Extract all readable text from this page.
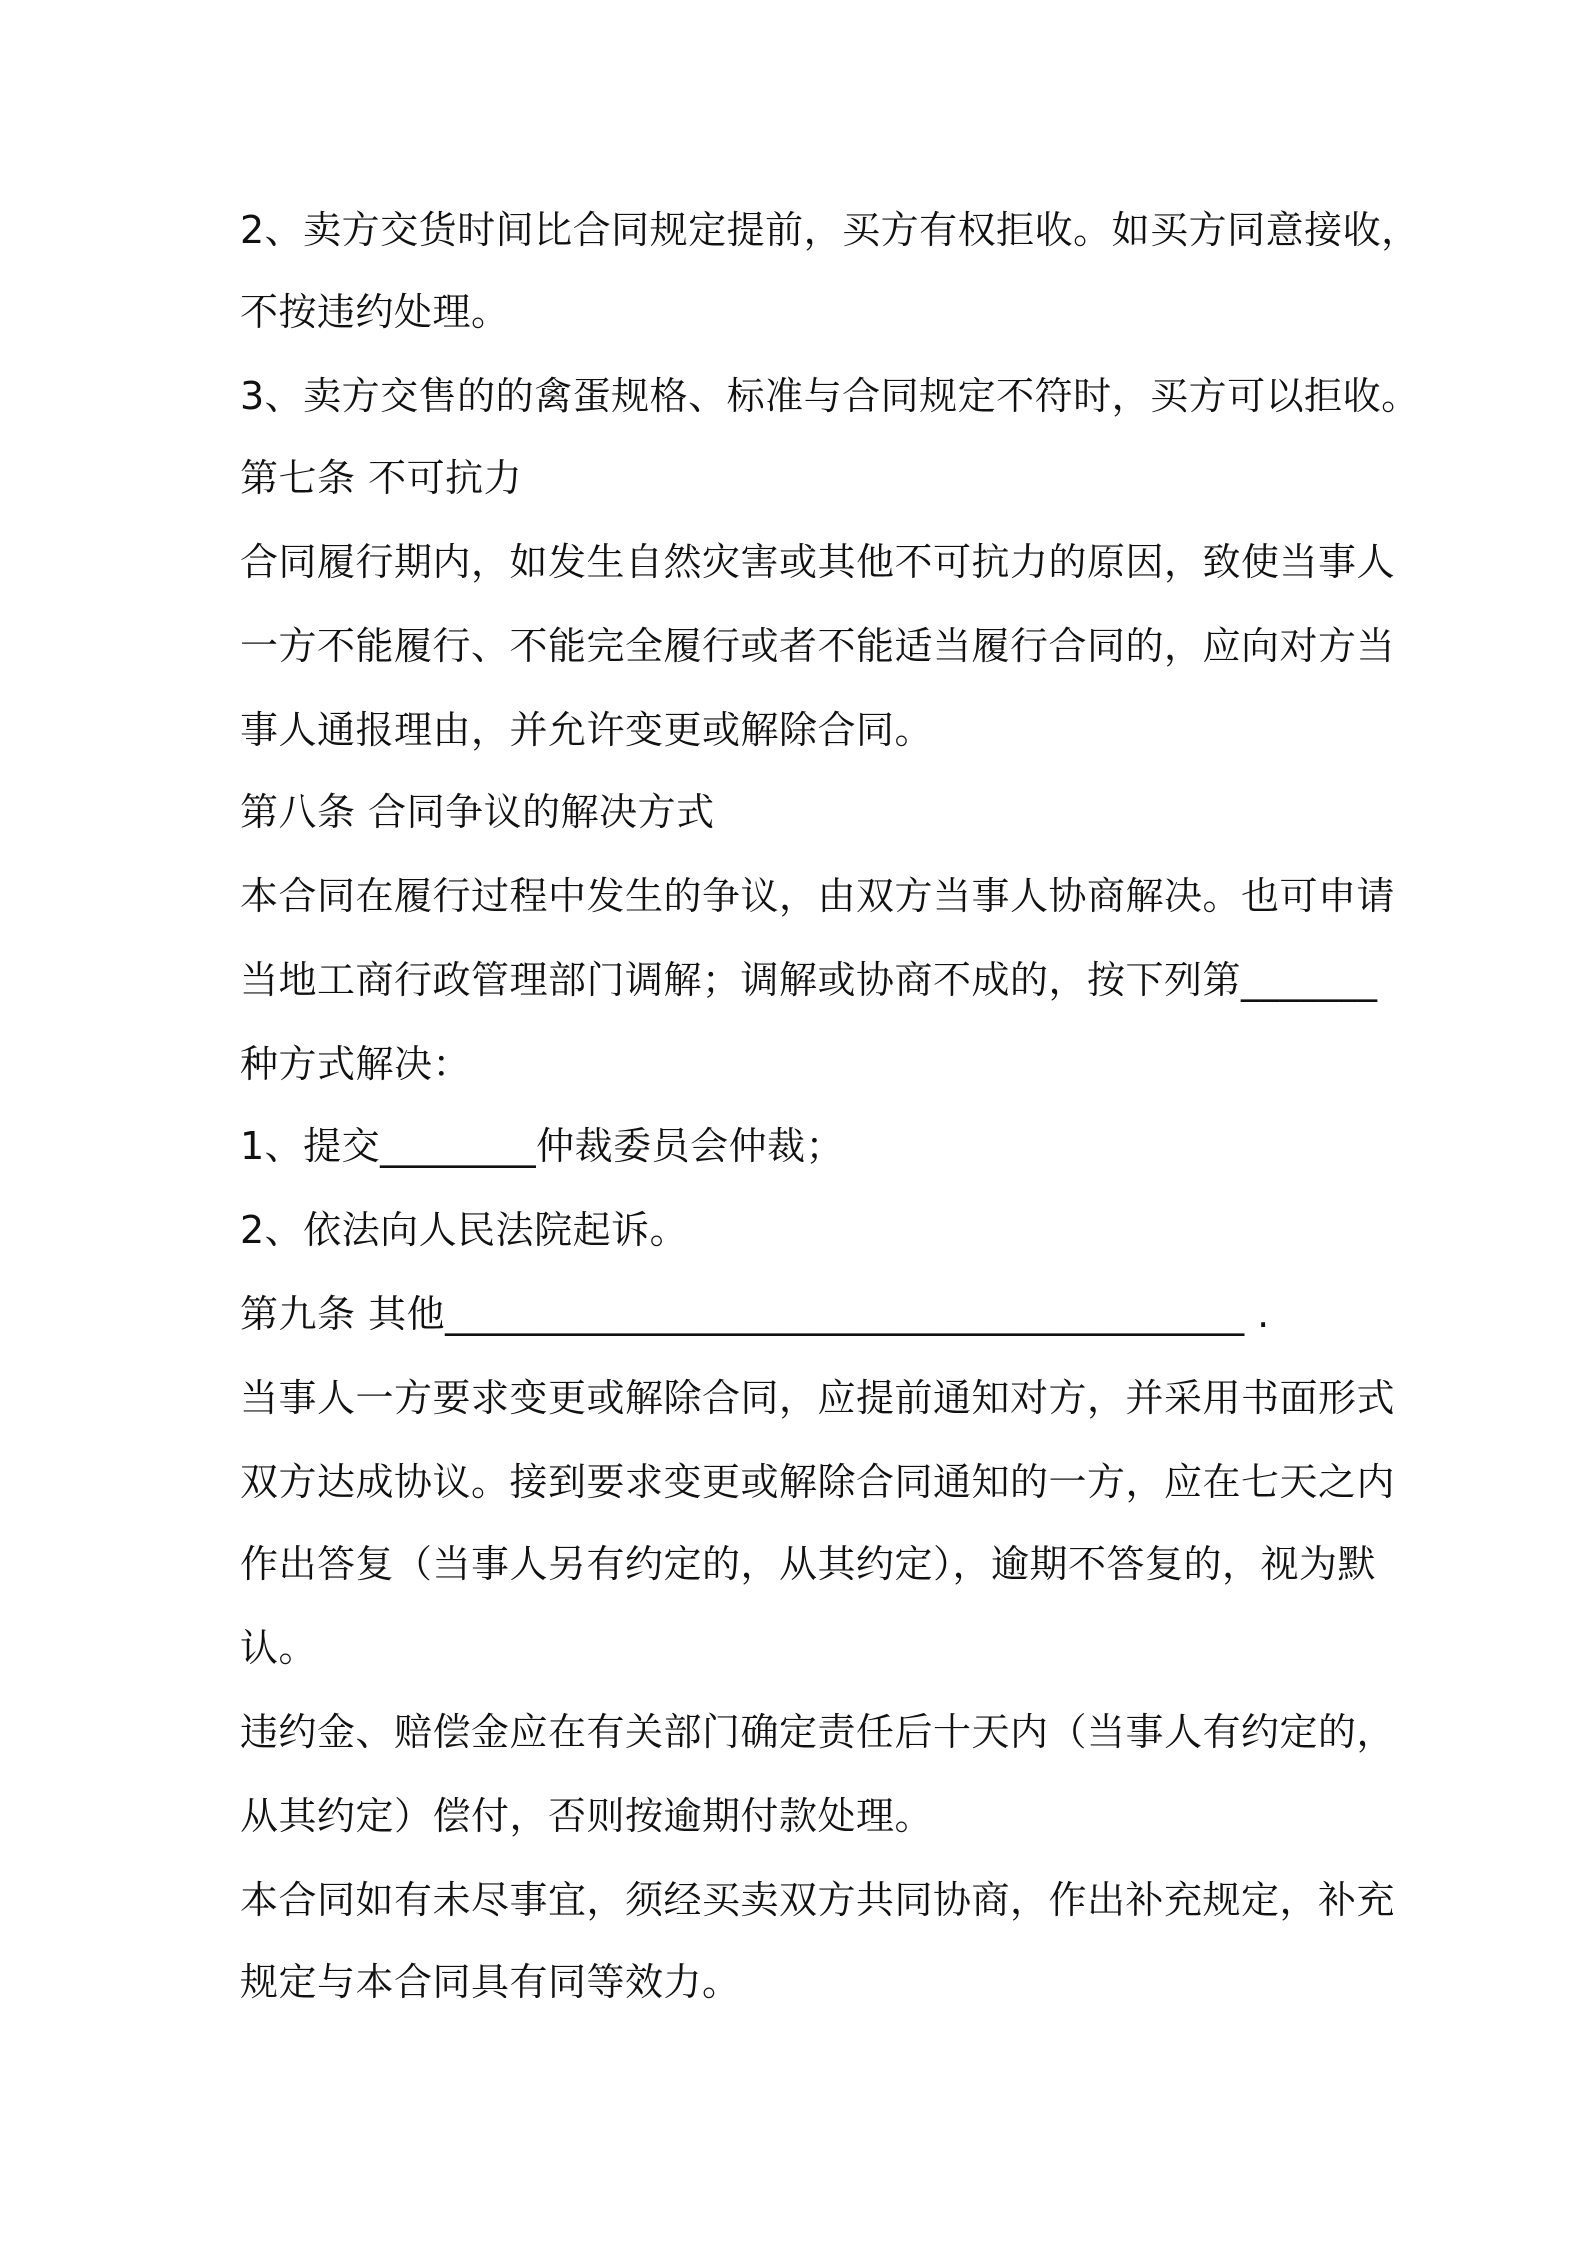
2、卖方交货时间比合同规定提前，买方有权拒收。如买方同意接收，
不按违约处理。
3、卖方交售的的禽蛋规格、标准与合同规定不符时，买方可以拒收。
第七条 不可抗力
合同履行期内，如发生自然灾害或其他不可抗力的原因，致使当事人
一方不能履行、不能完全履行或者不能适当履行合同的，应向对方当
事人通报理由，并允许变更或解除合同。
第八条 合同争议的解决方式
本合同在履行过程中发生的争议，由双方当事人协商解决。也可申请
当地工商行政管理部门调解；调解或协商不成的，按下列第_______
种方式解决：
1、提交________仲裁委员会仲裁；
2、依法向人民法院起诉。
第九条 其他_________________________________________ .
当事人一方要求变更或解除合同，应提前通知对方，并采用书面形式
双方达成协议。接到要求变更或解除合同通知的一方，应在七天之内
作出答复（当事人另有约定的，从其约定），逾期不答复的，视为默
认。
违约金、赔偿金应在有关部门确定责任后十天内（当事人有约定的，
从其约定）偿付，否则按逾期付款处理。
本合同如有未尽事宜，须经买卖双方共同协商，作出补充规定，补充
规定与本合同具有同等效力。
